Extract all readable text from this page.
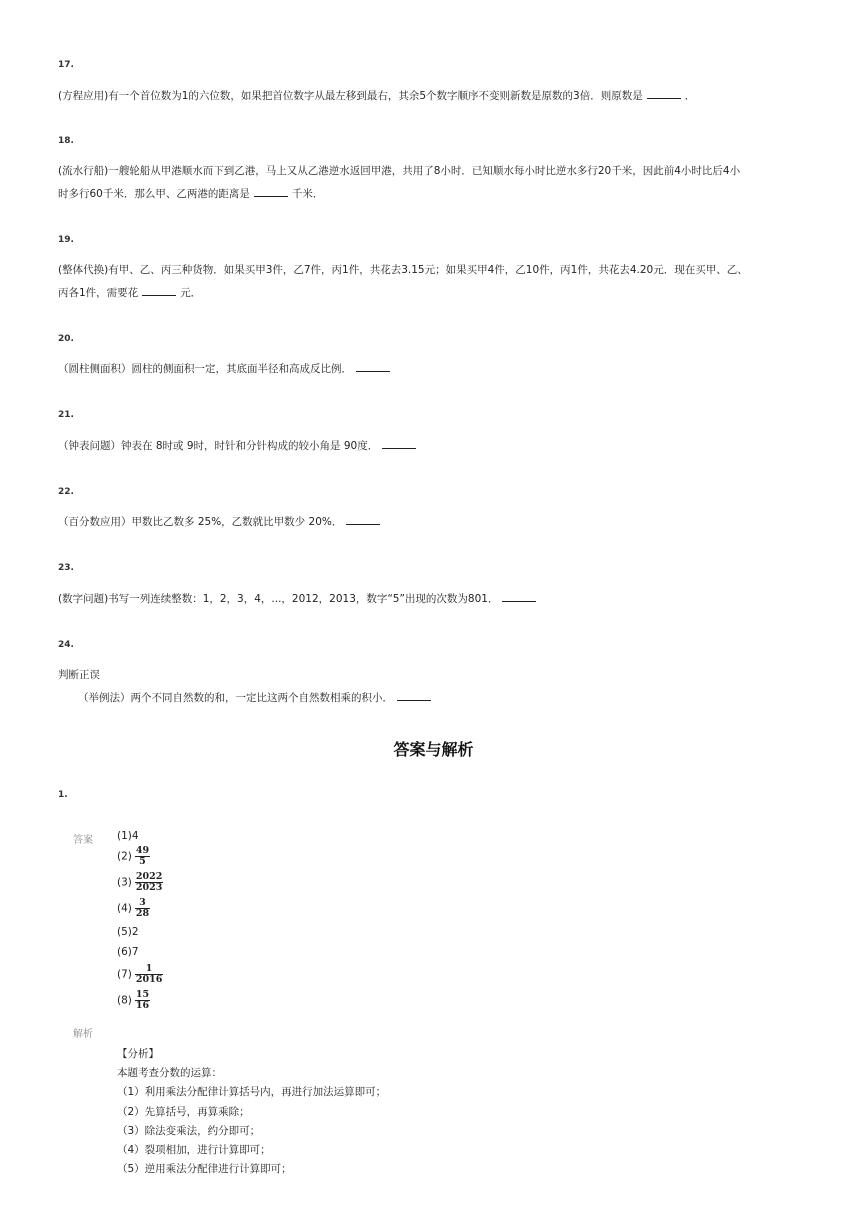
17.
(方程应用)有一个首位数为1的六位数，如果把首位数字从最左移到最右，其余5个数字顺序不变则新数是原数的3倍．则原数是	．
18.
(流水行船)一艘轮船从甲港顺水而下到乙港，马上又从乙港逆水返回甲港，共用了8小时．已知顺水每小时比逆水多行20千米，因此前4小时比后4小
时多行60千米．那么甲、乙两港的距离是	千米．
19.
(整体代换)有甲、乙、丙三种货物．如果买甲3件，乙7件，丙1件，共花去3.15元；如果买甲4件，乙10件，丙1件，共花去4.20元．现在买甲、乙、
丙各1件，需要花	元．
20.
（圆柱侧面积）圆柱的侧面积一定，其底面半径和高成反比例．
21.
（钟表问题）钟表在 8时或 9时，时针和分针构成的较小角是 90度．
22.
（百分数应用）甲数比乙数多 25%，乙数就比甲数少 20%．
23.
(数字问题)书写一列连续整数：1，2，3，4，...，2012，2013，数字“5”出现的次数为801．
24.
判断正误
（举例法）两个不同自然数的和，一定比这两个自然数相乘的积小．
答案与解析
1.
答案 (1)4
$(2) \frac{49}{5}$
$(3) \frac{2022}{2023}$
$(4) \frac{3}{28}$
(5)2
(6)7
$(7) \frac{1}{2016}$
$(8) \frac{15}{16}$
解析
【分析】
本题考查分数的运算：
（1）利用乘法分配律计算括号内，再进行加法运算即可；
（2）先算括号，再算乘除；
（3）除法变乘法，约分即可；
（4）裂项相加，进行计算即可；
（5）逆用乘法分配律进行计算即可；
